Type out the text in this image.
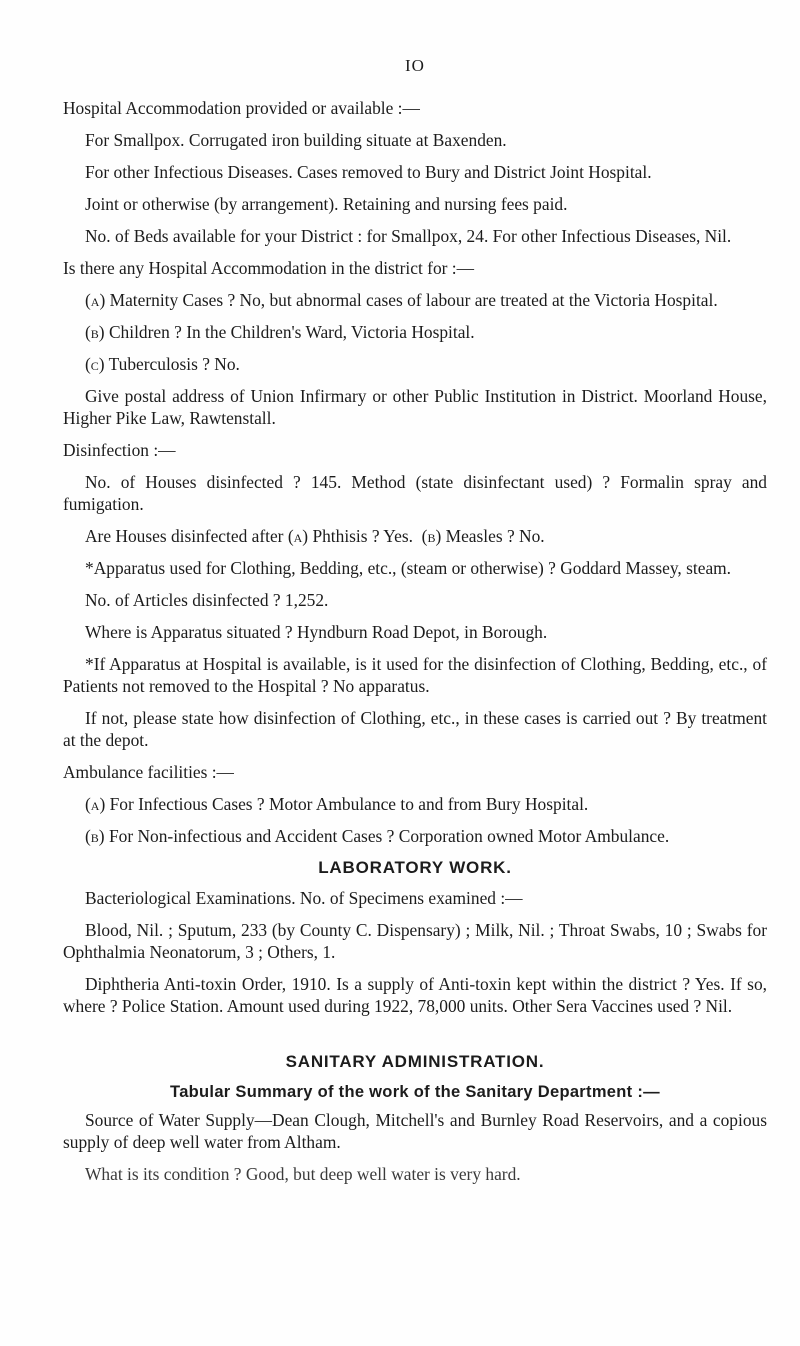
IO

Hospital Accommodation provided or available :—

For Smallpox. Corrugated iron building situate at Baxenden.

For other Infectious Diseases. Cases removed to Bury and District Joint Hospital.

Joint or otherwise (by arrangement). Retaining and nursing fees paid.

No. of Beds available for your District : for Smallpox, 24. For other Infectious Diseases, Nil.

Is there any Hospital Accommodation in the district for :—

(a) Maternity Cases ? No, but abnormal cases of labour are treated at the Victoria Hospital.

(b) Children ? In the Children's Ward, Victoria Hospital.

(c) Tuberculosis ? No.

Give postal address of Union Infirmary or other Public Institution in District. Moorland House, Higher Pike Law, Rawtenstall.

Disinfection :—

No. of Houses disinfected ? 145. Method (state disinfectant used) ? Formalin spray and fumigation.

Are Houses disinfected after (a) Phthisis ? Yes. (b) Measles ? No.

*Apparatus used for Clothing, Bedding, etc., (steam or otherwise) ? Goddard Massey, steam.

No. of Articles disinfected ? 1,252.

Where is Apparatus situated ? Hyndburn Road Depot, in Borough.

*If Apparatus at Hospital is available, is it used for the disinfection of Clothing, Bedding, etc., of Patients not removed to the Hospital ? No apparatus.

If not, please state how disinfection of Clothing, etc., in these cases is carried out ? By treatment at the depot.

Ambulance facilities :—

(a) For Infectious Cases ? Motor Ambulance to and from Bury Hospital.

(b) For Non-infectious and Accident Cases ? Corporation owned Motor Ambulance.

LABORATORY WORK.

Bacteriological Examinations. No. of Specimens examined :—

Blood, Nil. ; Sputum, 233 (by County C. Dispensary) ; Milk, Nil. ; Throat Swabs, 10 ; Swabs for Ophthalmia Neonatorum, 3 ; Others, 1.

Diphtheria Anti-toxin Order, 1910. Is a supply of Anti-toxin kept within the district ? Yes. If so, where ? Police Station. Amount used during 1922, 78,000 units. Other Sera Vaccines used ? Nil.

SANITARY ADMINISTRATION.
Tabular Summary of the work of the Sanitary Department :—

Source of Water Supply—Dean Clough, Mitchell's and Burnley Road Reservoirs, and a copious supply of deep well water from Altham.

What is its condition ? Good, but deep well water is very hard.
